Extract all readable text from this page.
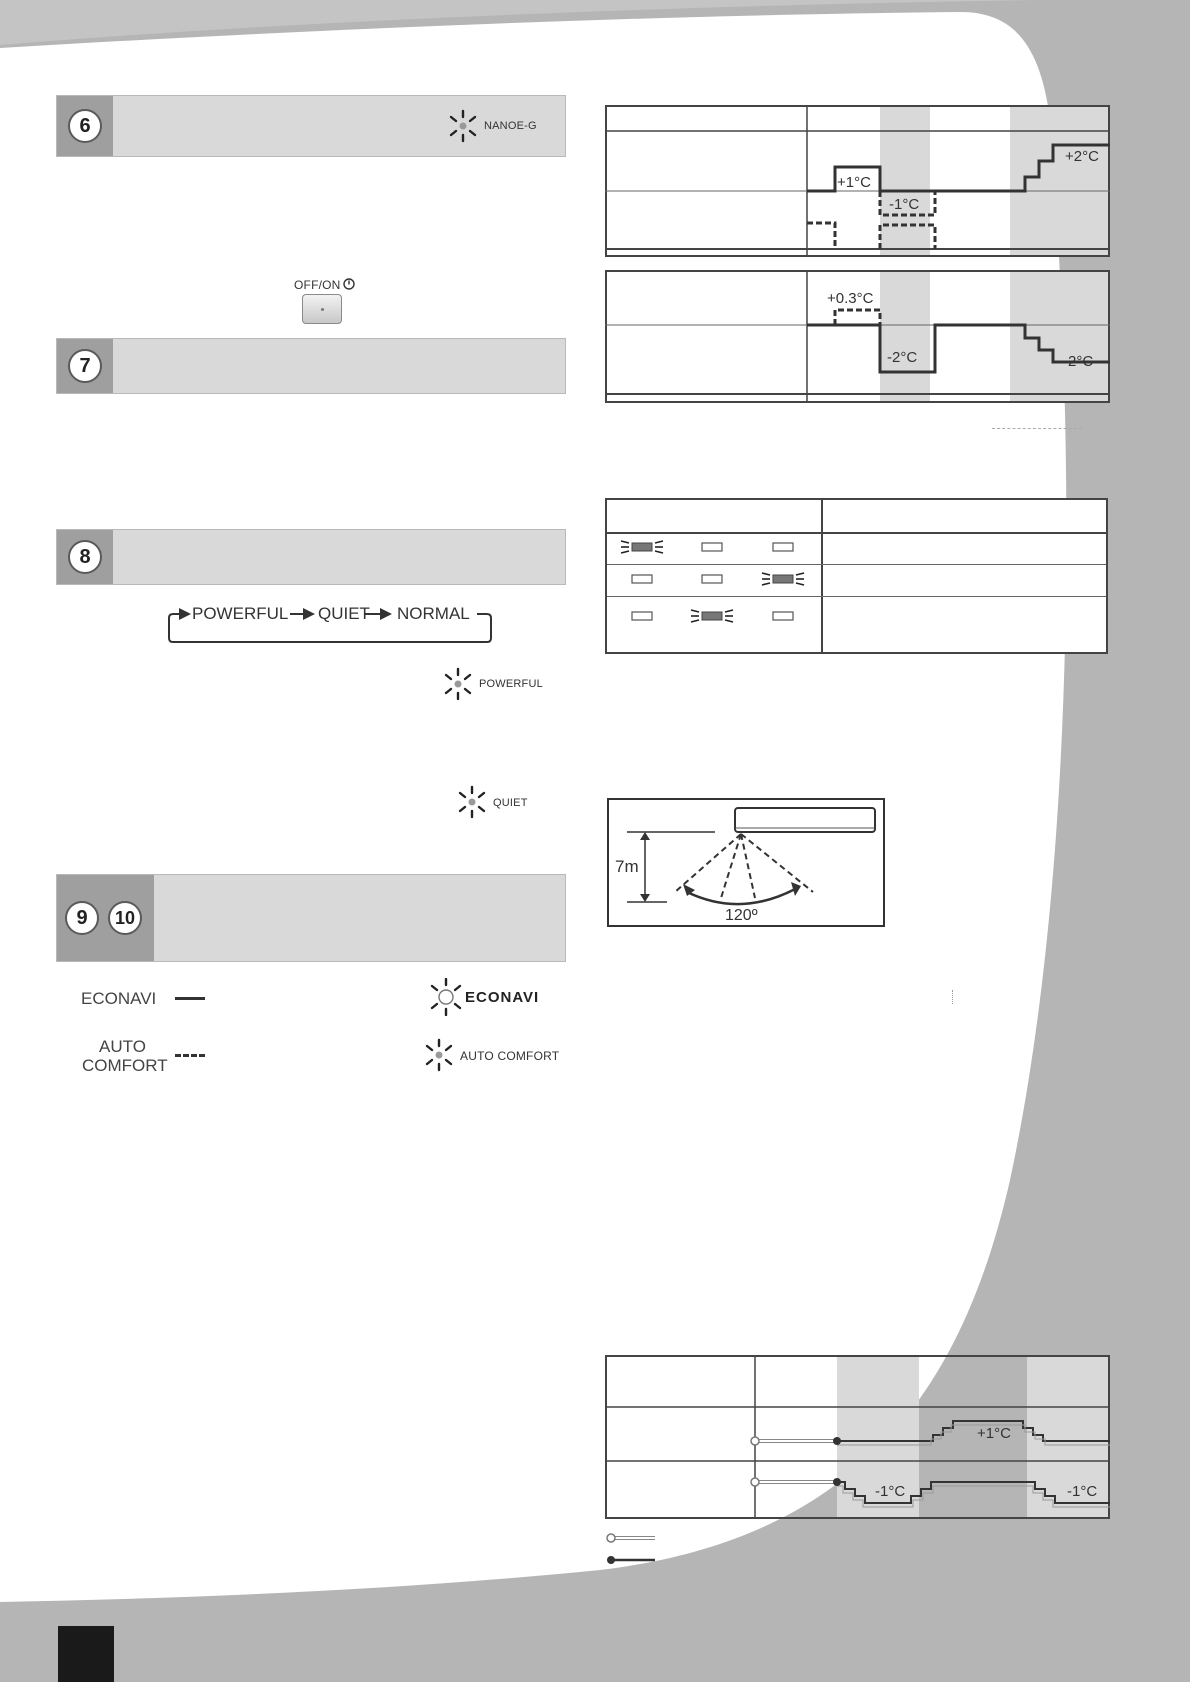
6	NANOE-G
OFF/ON
7
8
POWERFUL QUIET NORMAL
POWERFUL
QUIET
9	10
ECONAVI
AUTO
COMFORT
ECONAVI
AUTO COMFORT
+1°C
-1°C
+2°C
+0.3°C
-2°C	-2°C
7m
120º
+1°C
-1°C	-1°C
